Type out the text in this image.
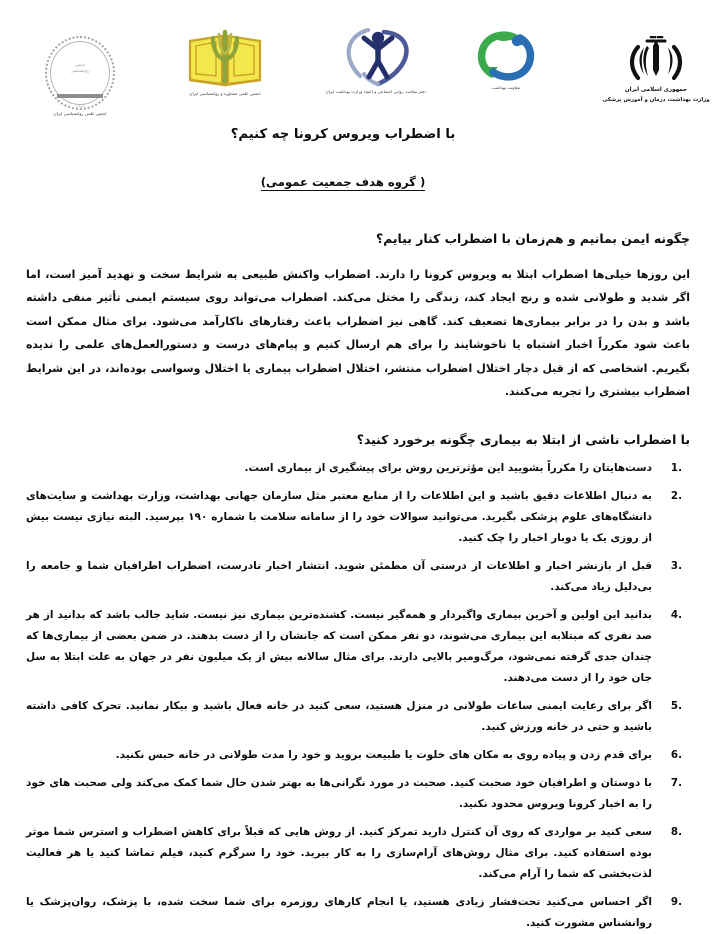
انجمن
روانشناسی
ایران
انجمن علمی روانشناسی ایران
انجمن علمی مشاوره و روانشناسی ایران	دفتر سلامت روانی اجتماعی و اعتیاد وزارت بهداشت ایران
معاونت بهداشت	جمهوری اسلامی ایران
وزارت بهداشت، درمان و آموزش پزشکی
با اضطراب ویروس کرونا چه کنیم؟
( گروه هدف جمعیت عمومی)
چگونه ایمن بمانیم و هم‌زمان با اضطراب کنار بیایم؟

این روزها خیلی‌ها اضطراب ابتلا به ویروس کرونا را دارند. اضطراب واکنش طبیعی به شرایط سخت و تهدید آمیز است، اما اگر شدید و طولانی شده و رنج ایجاد کند، زندگی را مختل می‌کند. اضطراب می‌تواند روی سیستم ایمنی تأثیر منفی داشته باشد و بدن را در برابر بیماری‌ها تضعیف کند. گاهی نیز اضطراب باعث رفتارهای ناکارآمد می‌شود. برای مثال ممکن است باعث شود مکرراً اخبار اشتباه یا ناخوشایند را برای هم ارسال کنیم و پیام‌های درست و دستورالعمل‌های علمی را ندیده بگیریم. اشخاصی که از قبل دچار اختلال اضطراب منتشر، اختلال اضطراب بیماری یا اختلال وسواسی بوده‌اند، در این شرایط اضطراب بیشتری را تجربه می‌کنند.

با اضطراب ناشی از ابتلا به بیماری چگونه برخورد کنید؟
دست‌هایتان را مکرراً بشویید این مؤثرترین روش برای پیشگیری از بیماری است.
به دنبال اطلاعات دقیق باشید و این اطلاعات را از منابع معتبر مثل سازمان جهانی بهداشت، وزارت بهداشت و سایت‌های دانشگاه‌های علوم پزشکی بگیرید. می‌توانید سوالات خود را از سامانه سلامت با شماره ۱۹۰ بپرسید. البته نیازی نیست بیش از روزی یک یا دوبار اخبار را چک کنید.
قبل از بازنشر اخبار و اطلاعات از درستی آن مطمئن شوید. انتشار اخبار نادرست، اضطراب اطرافیان شما و جامعه را بی‌دلیل زیاد می‌کند.
بدانید این اولین و آخرین بیماری واگیردار و همه‌گیر نیست. کشنده‌ترین بیماری نیز نیست. شاید جالب باشد که بدانید از هر صد نفری که مبتلابه این بیماری می‌شوند، دو نفر ممکن است که جانشان را از دست بدهند. در ضمن بعضی از بیماری‌ها که چندان جدی گرفته نمی‌شود، مرگ‌ومیر بالایی دارند. برای مثال سالانه بیش از یک میلیون نفر در جهان به علت ابتلا به سل جان خود را از دست می‌دهند.
اگر برای رعایت ایمنی ساعات طولانی در منزل هستید، سعی کنید در خانه فعال باشید و بیکار نمانید. تحرک کافی داشته باشید و حتی در خانه ورزش کنید.
برای قدم زدن و پیاده روی به مکان های خلوت یا طبیعت بروید و خود را مدت طولانی در خانه حبس نکنید.
با دوستان و اطرافیان خود صحبت کنید. صحبت در مورد نگرانی‌ها به بهتر شدن حال شما کمک می‌کند ولی صحبت های خود را به اخبار کرونا ویروس محدود نکنید.
سعی کنید بر مواردی که روی آن کنترل دارید تمرکز کنید. از روش هایی که قبلاً برای کاهش اضطراب و استرس شما موثر بوده استفاده کنید. برای مثال روش‌های آرام‌سازی را به کار ببرید. خود را سرگرم کنید، فیلم تماشا کنید یا هر فعالیت لذت‌بخشی که شما را آرام می‌کند.
اگر احساس می‌کنید تحت‌فشار زیادی هستید، یا انجام کارهای روزمره برای شما سخت شده، با پزشک، روان‌پزشک یا روانشناس مشورت کنید.
